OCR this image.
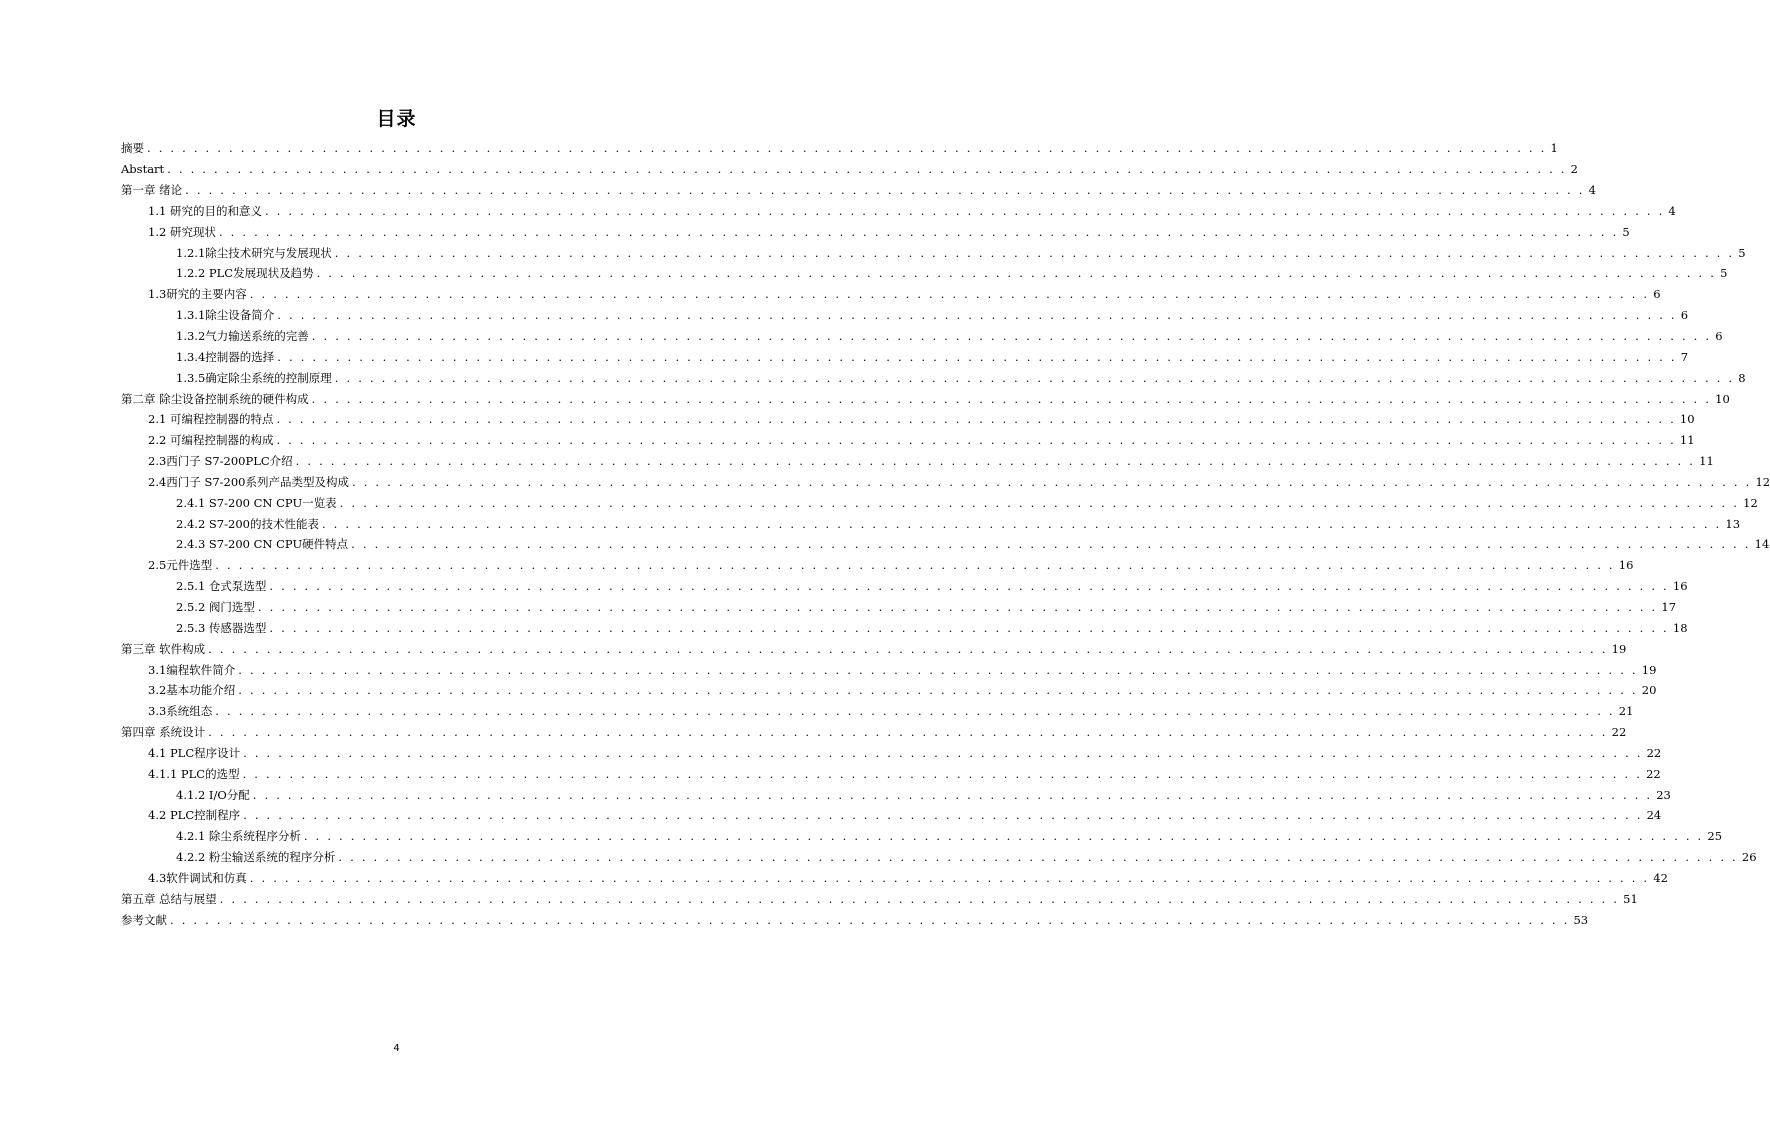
目录
摘要 . . . . . . . . . . . . . . . . . . . . . . . . . . . . . . . . . . . . . . . . . . . . . . . . . . . . . . . . . . . . . . . . . . . . . . . . . . . . . . . . . . . . . . . . . . . . . . . . . . . . . . . . . . . . . . . . . . . . . . . . 1
Abstart . . . . . . . . . . . . . . . . . . . . . . . . . . . . . . . . . . . . . . . . . . . . . . . . . . . . . . . . . . . . . . . . . . . . . . . . . . . . . . . . . . . . . . . . . . . . . . . . . . . . . . . . . . . . . . . . . . . . . . . . 2
第一章 绪论 . . . . . . . . . . . . . . . . . . . . . . . . . . . . . . . . . . . . . . . . . . . . . . . . . . . . . . . . . . . . . . . . . . . . . . . . . . . . . . . . . . . . . . . . . . . . . . . . . . . . . . . . . . . . . . . . . . . . . . . . 4
1.1 研究的目的和意义 . . . . . . . . . . . . . . . . . . . . . . . . . . . . . . . . . . . . . . . . . . . . . . . . . . . . . . . . . . . . . . . . . . . . . . . . . . . . . . . . . . . . . . . . . . . . . . . . . . . . . . . . . . . . . . . . . . . . . . . . 4
1.2 研究现状 . . . . . . . . . . . . . . . . . . . . . . . . . . . . . . . . . . . . . . . . . . . . . . . . . . . . . . . . . . . . . . . . . . . . . . . . . . . . . . . . . . . . . . . . . . . . . . . . . . . . . . . . . . . . . . . . . . . . . . . . 5
1.2.1除尘技术研究与发展现状 . . . . . . . . . . . . . . . . . . . . . . . . . . . . . . . . . . . . . . . . . . . . . . . . . . . . . . . . . . . . . . . . . . . . . . . . . . . . . . . . . . . . . . . . . . . . . . . . . . . . . . . . . . . . . . . . . . . . . . . . 5
1.2.2 PLC发展现状及趋势 . . . . . . . . . . . . . . . . . . . . . . . . . . . . . . . . . . . . . . . . . . . . . . . . . . . . . . . . . . . . . . . . . . . . . . . . . . . . . . . . . . . . . . . . . . . . . . . . . . . . . . . . . . . . . . . . . . . . . . . . 5
1.3研究的主要内容 . . . . . . . . . . . . . . . . . . . . . . . . . . . . . . . . . . . . . . . . . . . . . . . . . . . . . . . . . . . . . . . . . . . . . . . . . . . . . . . . . . . . . . . . . . . . . . . . . . . . . . . . . . . . . . . . . . . . . . . . 6
1.3.1除尘设备简介 . . . . . . . . . . . . . . . . . . . . . . . . . . . . . . . . . . . . . . . . . . . . . . . . . . . . . . . . . . . . . . . . . . . . . . . . . . . . . . . . . . . . . . . . . . . . . . . . . . . . . . . . . . . . . . . . . . . . . . . . 6
1.3.2气力输送系统的完善 . . . . . . . . . . . . . . . . . . . . . . . . . . . . . . . . . . . . . . . . . . . . . . . . . . . . . . . . . . . . . . . . . . . . . . . . . . . . . . . . . . . . . . . . . . . . . . . . . . . . . . . . . . . . . . . . . . . . . . . . 6
1.3.4控制器的选择 . . . . . . . . . . . . . . . . . . . . . . . . . . . . . . . . . . . . . . . . . . . . . . . . . . . . . . . . . . . . . . . . . . . . . . . . . . . . . . . . . . . . . . . . . . . . . . . . . . . . . . . . . . . . . . . . . . . . . . . . 7
1.3.5确定除尘系统的控制原理 . . . . . . . . . . . . . . . . . . . . . . . . . . . . . . . . . . . . . . . . . . . . . . . . . . . . . . . . . . . . . . . . . . . . . . . . . . . . . . . . . . . . . . . . . . . . . . . . . . . . . . . . . . . . . . . . . . . . . . . . 8
第二章 除尘设备控制系统的硬件构成 . . . . . . . . . . . . . . . . . . . . . . . . . . . . . . . . . . . . . . . . . . . . . . . . . . . . . . . . . . . . . . . . . . . . . . . . . . . . . . . . . . . . . . . . . . . . . . . . . . . . . . . . . . . . . . . . . . . . . . . . 10
2.1 可编程控制器的特点 . . . . . . . . . . . . . . . . . . . . . . . . . . . . . . . . . . . . . . . . . . . . . . . . . . . . . . . . . . . . . . . . . . . . . . . . . . . . . . . . . . . . . . . . . . . . . . . . . . . . . . . . . . . . . . . . . . . . . . . . 10
2.2 可编程控制器的构成 . . . . . . . . . . . . . . . . . . . . . . . . . . . . . . . . . . . . . . . . . . . . . . . . . . . . . . . . . . . . . . . . . . . . . . . . . . . . . . . . . . . . . . . . . . . . . . . . . . . . . . . . . . . . . . . . . . . . . . . . 11
2.3西门子 S7-200PLC介绍 . . . . . . . . . . . . . . . . . . . . . . . . . . . . . . . . . . . . . . . . . . . . . . . . . . . . . . . . . . . . . . . . . . . . . . . . . . . . . . . . . . . . . . . . . . . . . . . . . . . . . . . . . . . . . . . . . . . . . . . . 11
2.4西门子 S7-200系列产品类型及构成 . . . . . . . . . . . . . . . . . . . . . . . . . . . . . . . . . . . . . . . . . . . . . . . . . . . . . . . . . . . . . . . . . . . . . . . . . . . . . . . . . . . . . . . . . . . . . . . . . . . . . . . . . . . . . . . . . . . . . . . . 12
2.4.1 S7-200 CN CPU一览表 . . . . . . . . . . . . . . . . . . . . . . . . . . . . . . . . . . . . . . . . . . . . . . . . . . . . . . . . . . . . . . . . . . . . . . . . . . . . . . . . . . . . . . . . . . . . . . . . . . . . . . . . . . . . . . . . . . . . . . . . 12
2.4.2 S7-200的技术性能表 . . . . . . . . . . . . . . . . . . . . . . . . . . . . . . . . . . . . . . . . . . . . . . . . . . . . . . . . . . . . . . . . . . . . . . . . . . . . . . . . . . . . . . . . . . . . . . . . . . . . . . . . . . . . . . . . . . . . . . . . 13
2.4.3 S7-200 CN CPU硬件特点 . . . . . . . . . . . . . . . . . . . . . . . . . . . . . . . . . . . . . . . . . . . . . . . . . . . . . . . . . . . . . . . . . . . . . . . . . . . . . . . . . . . . . . . . . . . . . . . . . . . . . . . . . . . . . . . . . . . . . . . . 14
2.5元件选型 . . . . . . . . . . . . . . . . . . . . . . . . . . . . . . . . . . . . . . . . . . . . . . . . . . . . . . . . . . . . . . . . . . . . . . . . . . . . . . . . . . . . . . . . . . . . . . . . . . . . . . . . . . . . . . . . . . . . . . . . 16
2.5.1 仓式泵选型 . . . . . . . . . . . . . . . . . . . . . . . . . . . . . . . . . . . . . . . . . . . . . . . . . . . . . . . . . . . . . . . . . . . . . . . . . . . . . . . . . . . . . . . . . . . . . . . . . . . . . . . . . . . . . . . . . . . . . . . . 16
2.5.2 阀门选型 . . . . . . . . . . . . . . . . . . . . . . . . . . . . . . . . . . . . . . . . . . . . . . . . . . . . . . . . . . . . . . . . . . . . . . . . . . . . . . . . . . . . . . . . . . . . . . . . . . . . . . . . . . . . . . . . . . . . . . . . 17
2.5.3 传感器选型 . . . . . . . . . . . . . . . . . . . . . . . . . . . . . . . . . . . . . . . . . . . . . . . . . . . . . . . . . . . . . . . . . . . . . . . . . . . . . . . . . . . . . . . . . . . . . . . . . . . . . . . . . . . . . . . . . . . . . . . . 18
第三章 软件构成 . . . . . . . . . . . . . . . . . . . . . . . . . . . . . . . . . . . . . . . . . . . . . . . . . . . . . . . . . . . . . . . . . . . . . . . . . . . . . . . . . . . . . . . . . . . . . . . . . . . . . . . . . . . . . . . . . . . . . . . . 19
3.1编程软件简介 . . . . . . . . . . . . . . . . . . . . . . . . . . . . . . . . . . . . . . . . . . . . . . . . . . . . . . . . . . . . . . . . . . . . . . . . . . . . . . . . . . . . . . . . . . . . . . . . . . . . . . . . . . . . . . . . . . . . . . . . 19
3.2基本功能介绍 . . . . . . . . . . . . . . . . . . . . . . . . . . . . . . . . . . . . . . . . . . . . . . . . . . . . . . . . . . . . . . . . . . . . . . . . . . . . . . . . . . . . . . . . . . . . . . . . . . . . . . . . . . . . . . . . . . . . . . . . 20
3.3系统组态 . . . . . . . . . . . . . . . . . . . . . . . . . . . . . . . . . . . . . . . . . . . . . . . . . . . . . . . . . . . . . . . . . . . . . . . . . . . . . . . . . . . . . . . . . . . . . . . . . . . . . . . . . . . . . . . . . . . . . . . . 21
第四章 系统设计 . . . . . . . . . . . . . . . . . . . . . . . . . . . . . . . . . . . . . . . . . . . . . . . . . . . . . . . . . . . . . . . . . . . . . . . . . . . . . . . . . . . . . . . . . . . . . . . . . . . . . . . . . . . . . . . . . . . . . . . . 22
4.1 PLC程序设计 . . . . . . . . . . . . . . . . . . . . . . . . . . . . . . . . . . . . . . . . . . . . . . . . . . . . . . . . . . . . . . . . . . . . . . . . . . . . . . . . . . . . . . . . . . . . . . . . . . . . . . . . . . . . . . . . . . . . . . . . 22
4.1.1 PLC的选型 . . . . . . . . . . . . . . . . . . . . . . . . . . . . . . . . . . . . . . . . . . . . . . . . . . . . . . . . . . . . . . . . . . . . . . . . . . . . . . . . . . . . . . . . . . . . . . . . . . . . . . . . . . . . . . . . . . . . . . . . 22
4.1.2 I/O分配 . . . . . . . . . . . . . . . . . . . . . . . . . . . . . . . . . . . . . . . . . . . . . . . . . . . . . . . . . . . . . . . . . . . . . . . . . . . . . . . . . . . . . . . . . . . . . . . . . . . . . . . . . . . . . . . . . . . . . . . . 23
4.2 PLC控制程序 . . . . . . . . . . . . . . . . . . . . . . . . . . . . . . . . . . . . . . . . . . . . . . . . . . . . . . . . . . . . . . . . . . . . . . . . . . . . . . . . . . . . . . . . . . . . . . . . . . . . . . . . . . . . . . . . . . . . . . . . 24
4.2.1 除尘系统程序分析 . . . . . . . . . . . . . . . . . . . . . . . . . . . . . . . . . . . . . . . . . . . . . . . . . . . . . . . . . . . . . . . . . . . . . . . . . . . . . . . . . . . . . . . . . . . . . . . . . . . . . . . . . . . . . . . . . . . . . . . . 25
4.2.2 粉尘输送系统的程序分析 . . . . . . . . . . . . . . . . . . . . . . . . . . . . . . . . . . . . . . . . . . . . . . . . . . . . . . . . . . . . . . . . . . . . . . . . . . . . . . . . . . . . . . . . . . . . . . . . . . . . . . . . . . . . . . . . . . . . . . . . 26
4.3软件调试和仿真 . . . . . . . . . . . . . . . . . . . . . . . . . . . . . . . . . . . . . . . . . . . . . . . . . . . . . . . . . . . . . . . . . . . . . . . . . . . . . . . . . . . . . . . . . . . . . . . . . . . . . . . . . . . . . . . . . . . . . . . . 42
第五章 总结与展望 . . . . . . . . . . . . . . . . . . . . . . . . . . . . . . . . . . . . . . . . . . . . . . . . . . . . . . . . . . . . . . . . . . . . . . . . . . . . . . . . . . . . . . . . . . . . . . . . . . . . . . . . . . . . . . . . . . . . . . . . 51
参考文献 . . . . . . . . . . . . . . . . . . . . . . . . . . . . . . . . . . . . . . . . . . . . . . . . . . . . . . . . . . . . . . . . . . . . . . . . . . . . . . . . . . . . . . . . . . . . . . . . . . . . . . . . . . . . . . . . . . . . . . . . 53
4
